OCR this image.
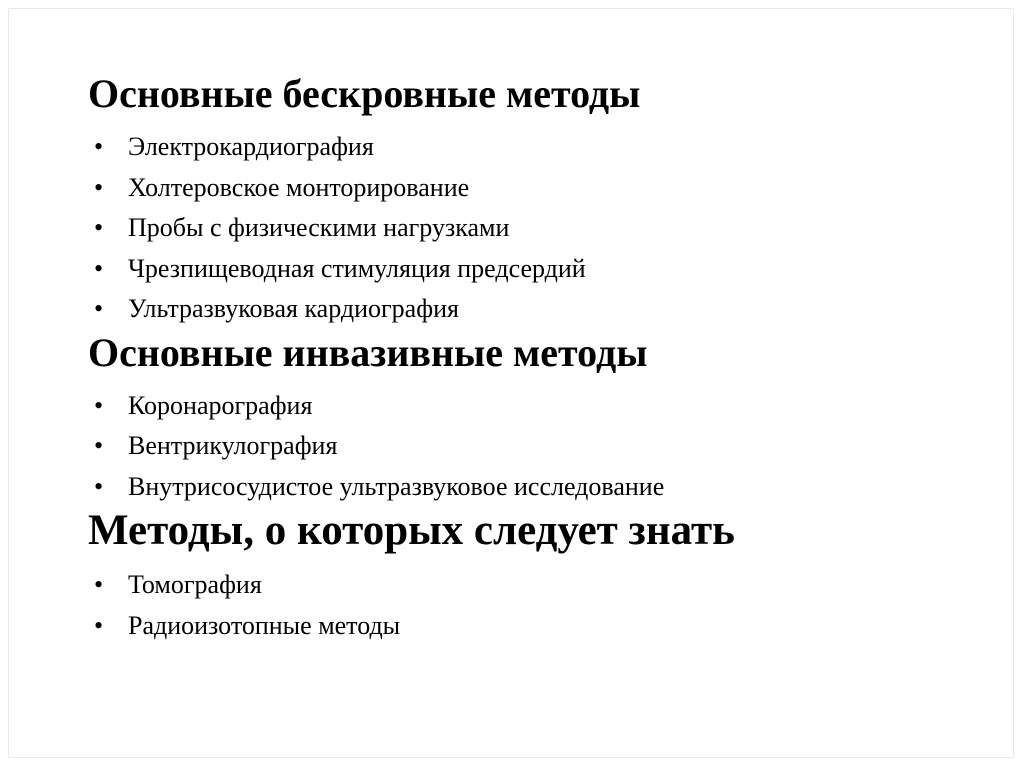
Основные бескровные методы
• Электрокардиография
• Холтеровское монторирование
• Пробы с физическими нагрузками
• Чрезпищеводная стимуляция предсердий
• Ультразвуковая кардиография
Основные инвазивные методы
• Коронарография
• Вентрикулография
• Внутрисосудистое ультразвуковое исследование
Методы, о которых следует знать
• Томография
• Радиоизотопные методы
